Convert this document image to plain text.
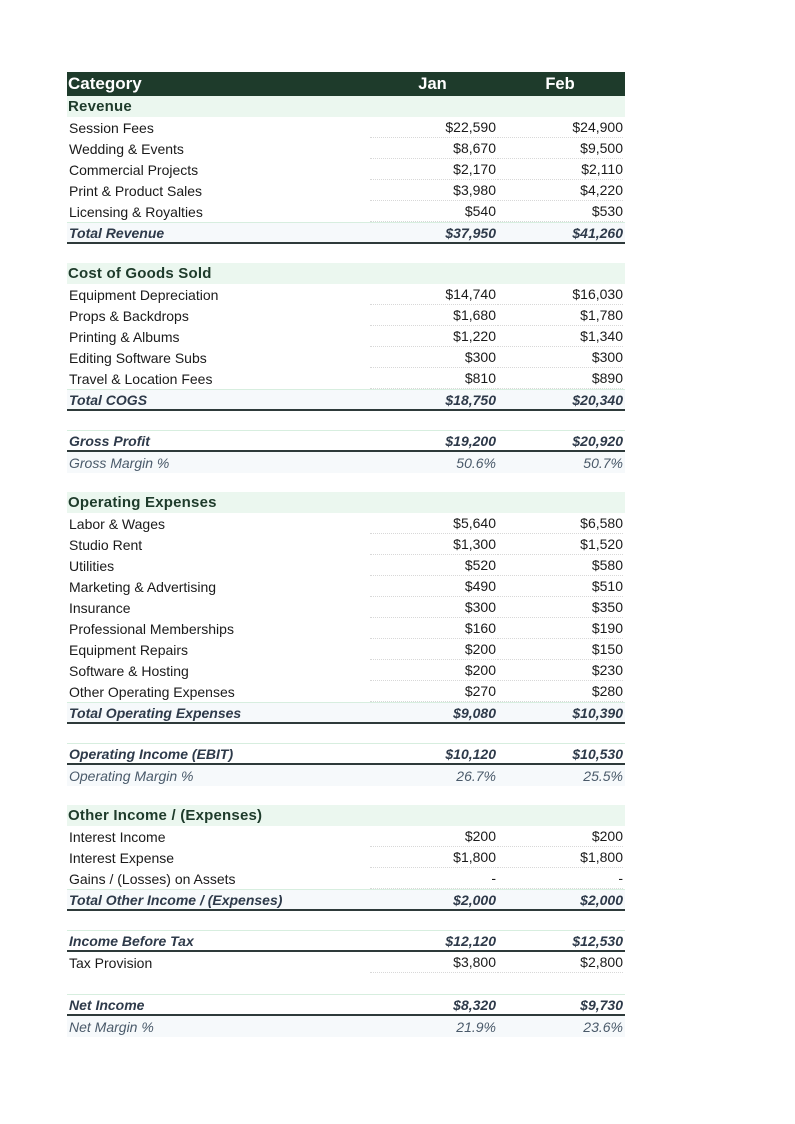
Category	Jan	Feb
Revenue
Session Fees	$22,590	$24,900
Wedding & Events	$8,670	$9,500
Commercial Projects	$2,170	$2,110
Print & Product Sales	$3,980	$4,220
Licensing & Royalties	$540	$530
Total Revenue	$37,950	$41,260
Cost of Goods Sold
Equipment Depreciation	$14,740	$16,030
Props & Backdrops	$1,680	$1,780
Printing & Albums	$1,220	$1,340
Editing Software Subs	$300	$300
Travel & Location Fees	$810	$890
Total COGS	$18,750	$20,340
Gross Profit	$19,200	$20,920
Gross Margin %	50.6%	50.7%
Operating Expenses
Labor & Wages	$5,640	$6,580
Studio Rent	$1,300	$1,520
Utilities	$520	$580
Marketing & Advertising	$490	$510
Insurance	$300	$350
Professional Memberships	$160	$190
Equipment Repairs	$200	$150
Software & Hosting	$200	$230
Other Operating Expenses	$270	$280
Total Operating Expenses	$9,080	$10,390
Operating Income (EBIT)	$10,120	$10,530
Operating Margin %	26.7%	25.5%
Other Income / (Expenses)
Interest Income	$200	$200
Interest Expense	$1,800	$1,800
Gains / (Losses) on Assets	-	-
Total Other Income / (Expenses)	$2,000	$2,000
Income Before Tax	$12,120	$12,530
Tax Provision	$3,800	$2,800
Net Income	$8,320	$9,730
Net Margin %	21.9%	23.6%
